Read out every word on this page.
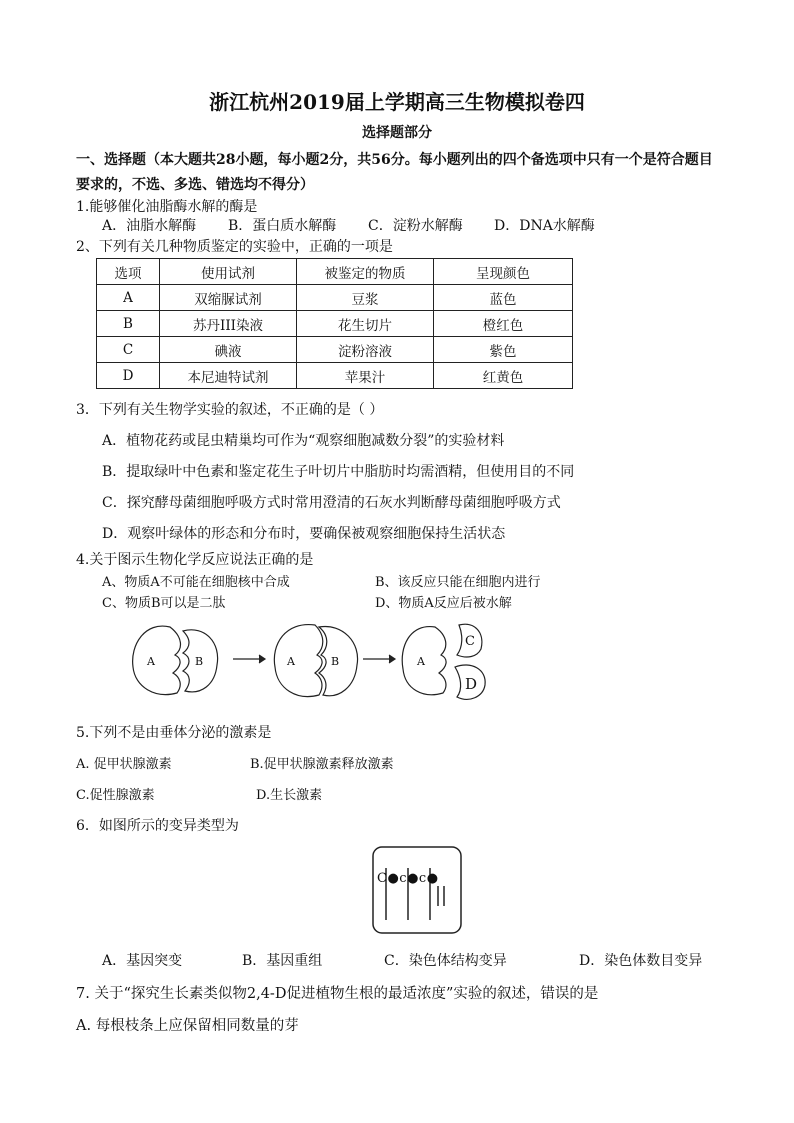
浙江杭州2019届上学期高三生物模拟卷四
选择题部分
一、选择题（本大题共28小题，每小题2分，共56分。每小题列出的四个备选项中只有一个是符合题目
要求的，不选、多选、错选均不得分）
1.能够催化油脂酶水解的酶是
A．油脂水解酶 B．蛋白质水解酶 C．淀粉水解酶 D．DNA水解酶
2、下列有关几种物质鉴定的实验中，正确的一项是
选项	使用试剂	被鉴定的物质	呈现颜色
A	双缩脲试剂	豆浆	蓝色
B	苏丹III染液	花生切片	橙红色
C	碘液	淀粉溶液	紫色
D	本尼迪特试剂	苹果汁	红黄色
3．下列有关生物学实验的叙述，不正确的是（ ）
A．植物花药或昆虫精巢均可作为“观察细胞减数分裂”的实验材料
B．提取绿叶中色素和鉴定花生子叶切片中脂肪时均需酒精，但使用目的不同
C．探究酵母菌细胞呼吸方式时常用澄清的石灰水判断酵母菌细胞呼吸方式
D．观察叶绿体的形态和分布时，要确保被观察细胞保持生活状态
4.关于图示生物化学反应说法正确的是
A、物质A不可能在细胞核中合成	B、该反应只能在细胞内进行
C、物质B可以是二肽	D、物质A反应后被水解
A	B	A	B	A
C
D
5.下列不是由垂体分泌的激素是
A. 促甲状腺激素	B.促甲状腺激素释放激素
C.促性腺激素	D.生长激素
6．如图所示的变异类型为
C●c●c●
A．基因突变	B．基因重组	C．染色体结构变异	D．染色体数目变异
7. 关于“探究生长素类似物2,4-D促进植物生根的最适浓度”实验的叙述，错误的是
A. 每根枝条上应保留相同数量的芽
